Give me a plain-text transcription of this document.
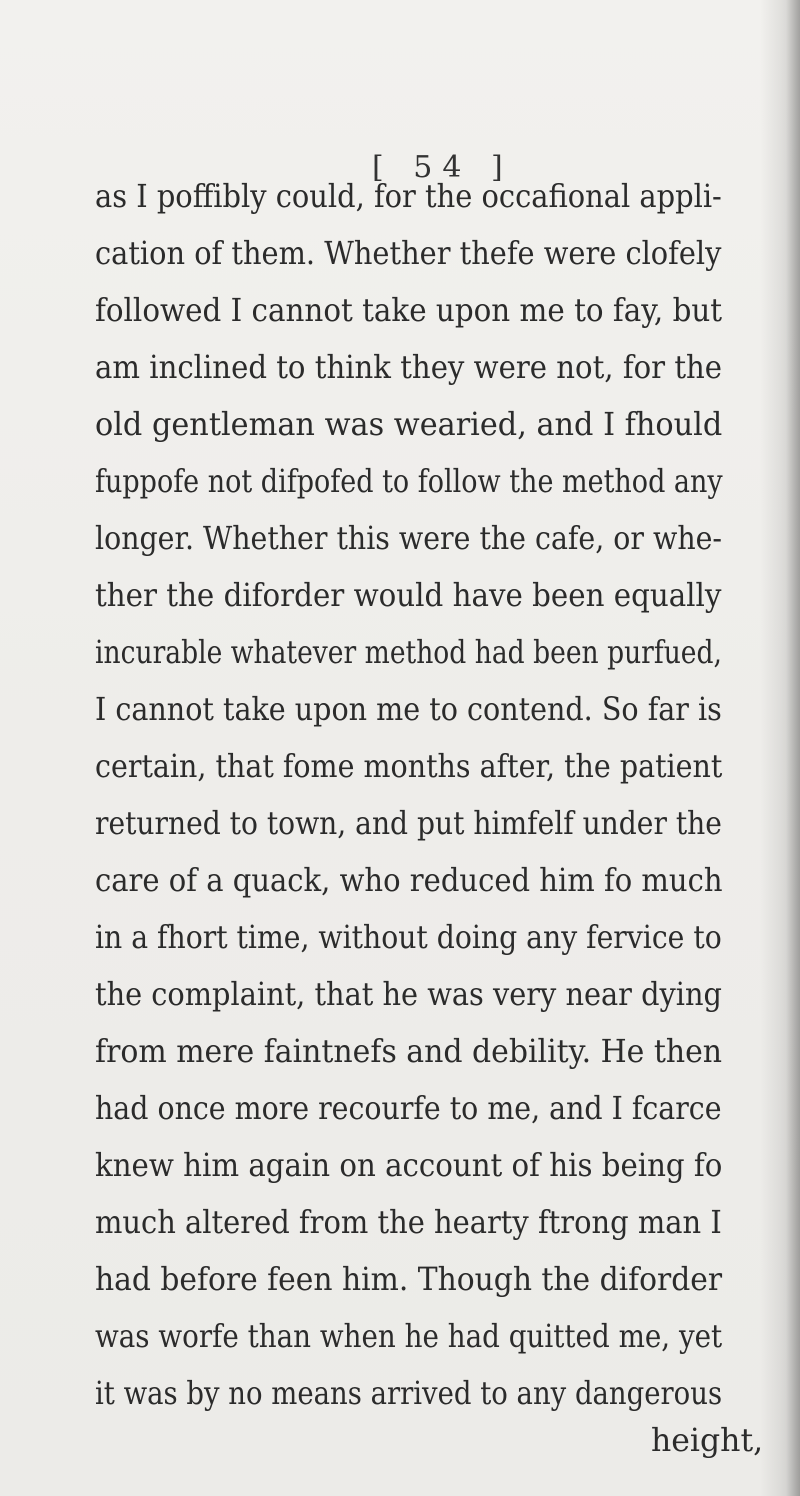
[ 54 ]
as I poffibly could, for the occafional appli-
cation of them. Whether thefe were clofely
followed I cannot take upon me to fay, but
am inclined to think they were not, for the
old gentleman was wearied, and I fhould
fuppofe not difpofed to follow the method any
longer. Whether this were the cafe, or whe-
ther the diforder would have been equally
incurable whatever method had been purfued,
I cannot take upon me to contend. So far is
certain, that fome months after, the patient
returned to town, and put himfelf under the
care of a quack, who reduced him fo much
in a fhort time, without doing any fervice to
the complaint, that he was very near dying
from mere faintnefs and debility. He then
had once more recourfe to me, and I fcarce
knew him again on account of his being fo
much altered from the hearty ftrong man I
had before feen him. Though the diforder
was worfe than when he had quitted me, yet
it was by no means arrived to any dangerous
height,
